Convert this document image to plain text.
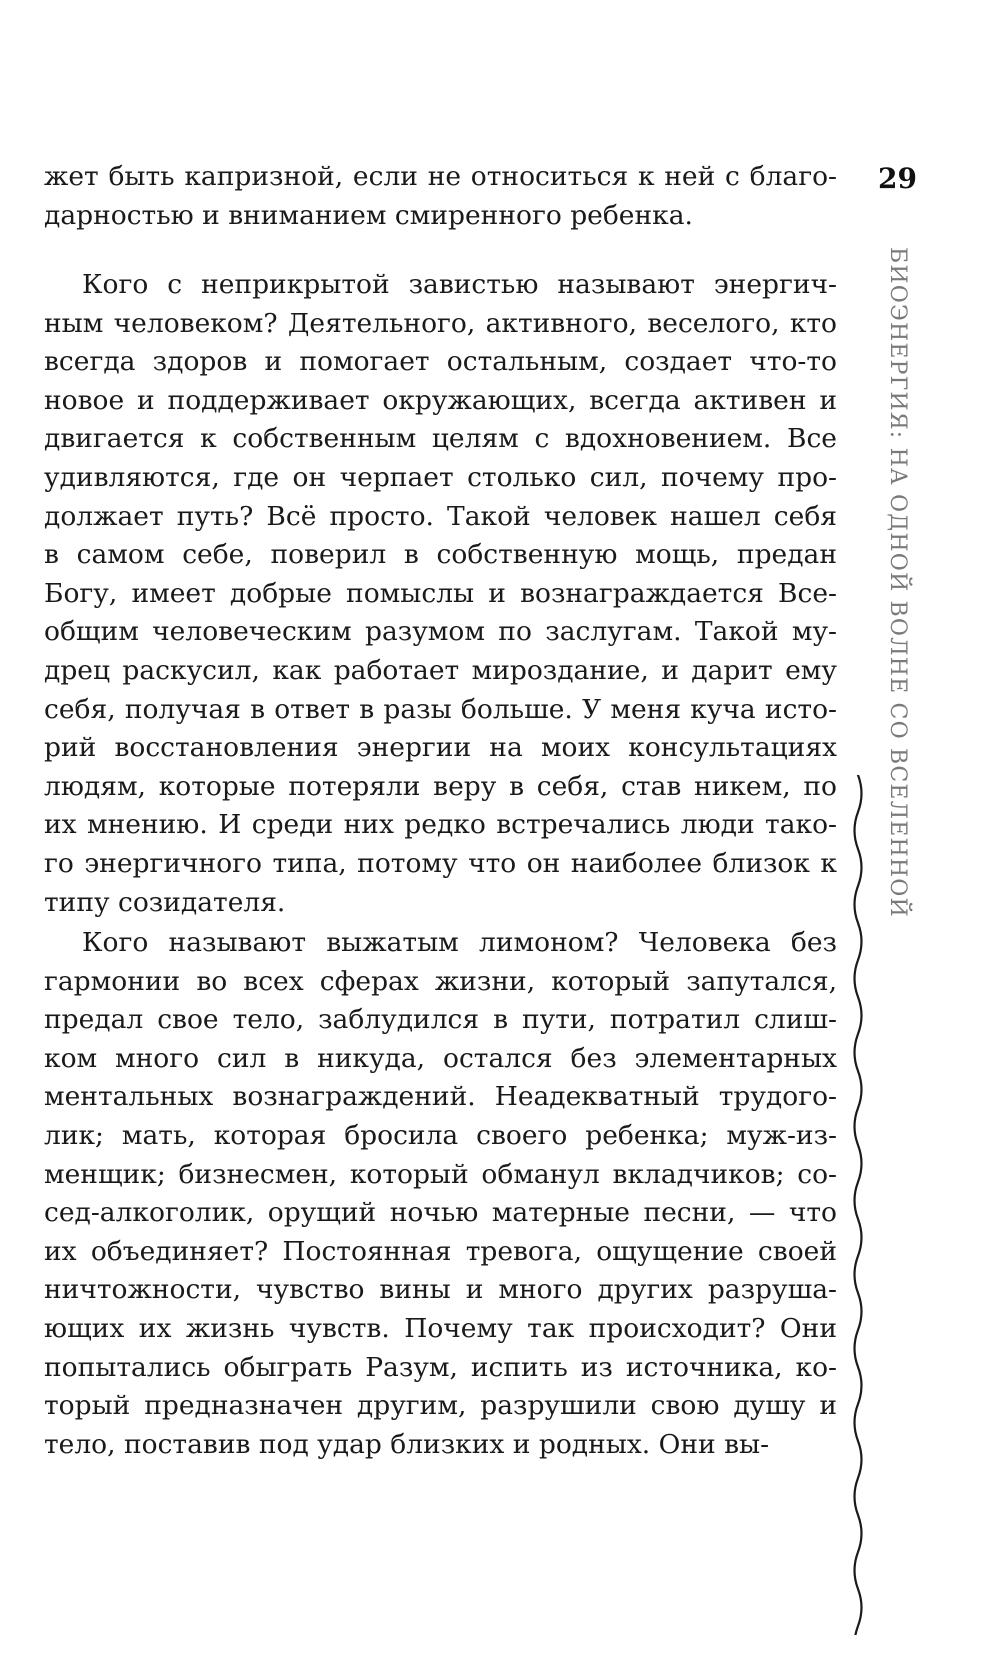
29
БИОЭНЕРГИЯ: НА ОДНОЙ ВОЛНЕ СО ВСЕЛЕННОЙ
жет быть капризной, если не относиться к ней с благо-
дарностью и вниманием смиренного ребенка.
Кого с неприкрытой завистью называют энергич-
ным человеком? Деятельного, активного, веселого, кто
всегда здоров и помогает остальным, создает что-то
новое и поддерживает окружающих, всегда активен и
двигается к собственным целям с вдохновением. Все
удивляются, где он черпает столько сил, почему про-
должает путь? Всё просто. Такой человек нашел себя
в самом себе, поверил в собственную мощь, предан
Богу, имеет добрые помыслы и вознаграждается Все-
общим человеческим разумом по заслугам. Такой му-
дрец раскусил, как работает мироздание, и дарит ему
себя, получая в ответ в разы больше. У меня куча исто-
рий восстановления энергии на моих консультациях
людям, которые потеряли веру в себя, став никем, по
их мнению. И среди них редко встречались люди тако-
го энергичного типа, потому что он наиболее близок к
типу созидателя.
Кого называют выжатым лимоном? Человека без
гармонии во всех сферах жизни, который запутался,
предал свое тело, заблудился в пути, потратил слиш-
ком много сил в никуда, остался без элементарных
ментальных вознаграждений. Неадекватный трудого-
лик; мать, которая бросила своего ребенка; муж-из-
менщик; бизнесмен, который обманул вкладчиков; со-
сед-алкоголик, орущий ночью матерные песни, — что
их объединяет? Постоянная тревога, ощущение своей
ничтожности, чувство вины и много других разруша-
ющих их жизнь чувств. Почему так происходит? Они
попытались обыграть Разум, испить из источника, ко-
торый предназначен другим, разрушили свою душу и
тело, поставив под удар близких и родных. Они вы-
